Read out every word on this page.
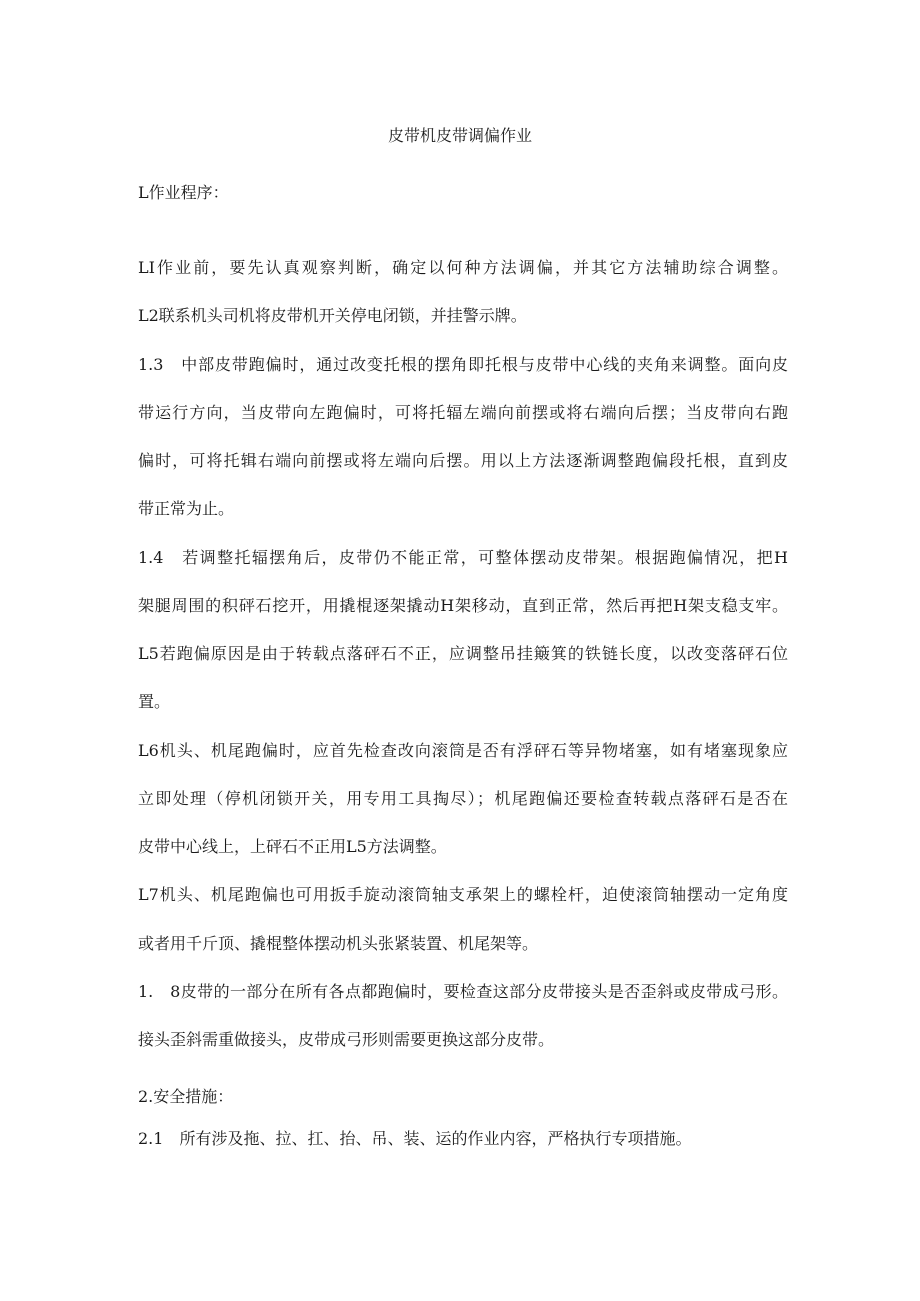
皮带机皮带调偏作业
L作业程序：
LI作业前，要先认真观察判断，确定以何种方法调偏，并其它方法辅助综合调整。
L2联系机头司机将皮带机开关停电闭锁，并挂警示牌。
1.3　中部皮带跑偏时，通过改变托根的摆角即托根与皮带中心线的夹角来调整。面向皮
带运行方向，当皮带向左跑偏时，可将托辐左端向前摆或将右端向后摆；当皮带向右跑
偏时，可将托辑右端向前摆或将左端向后摆。用以上方法逐渐调整跑偏段托根，直到皮
带正常为止。
1.4　若调整托辐摆角后，皮带仍不能正常，可整体摆动皮带架。根据跑偏情况，把H
架腿周围的积砰石挖开，用撬棍逐架撬动H架移动，直到正常，然后再把H架支稳支牢。
L5若跑偏原因是由于转载点落砰石不正，应调整吊挂簸箕的铁链长度，以改变落砰石位
置。
L6机头、机尾跑偏时，应首先检查改向滚筒是否有浮砰石等异物堵塞，如有堵塞现象应
立即处理（停机闭锁开关，用专用工具掏尽）；机尾跑偏还要检查转载点落砰石是否在
皮带中心线上，上砰石不正用L5方法调整。
L7机头、机尾跑偏也可用扳手旋动滚筒轴支承架上的螺栓杆，迫使滚筒轴摆动一定角度
或者用千斤顶、撬棍整体摆动机头张紧装置、机尾架等。
1.　8皮带的一部分在所有各点都跑偏时，要检查这部分皮带接头是否歪斜或皮带成弓形。
接头歪斜需重做接头，皮带成弓形则需要更换这部分皮带。
2.安全措施：
2.1　所有涉及拖、拉、扛、抬、吊、装、运的作业内容，严格执行专项措施。
